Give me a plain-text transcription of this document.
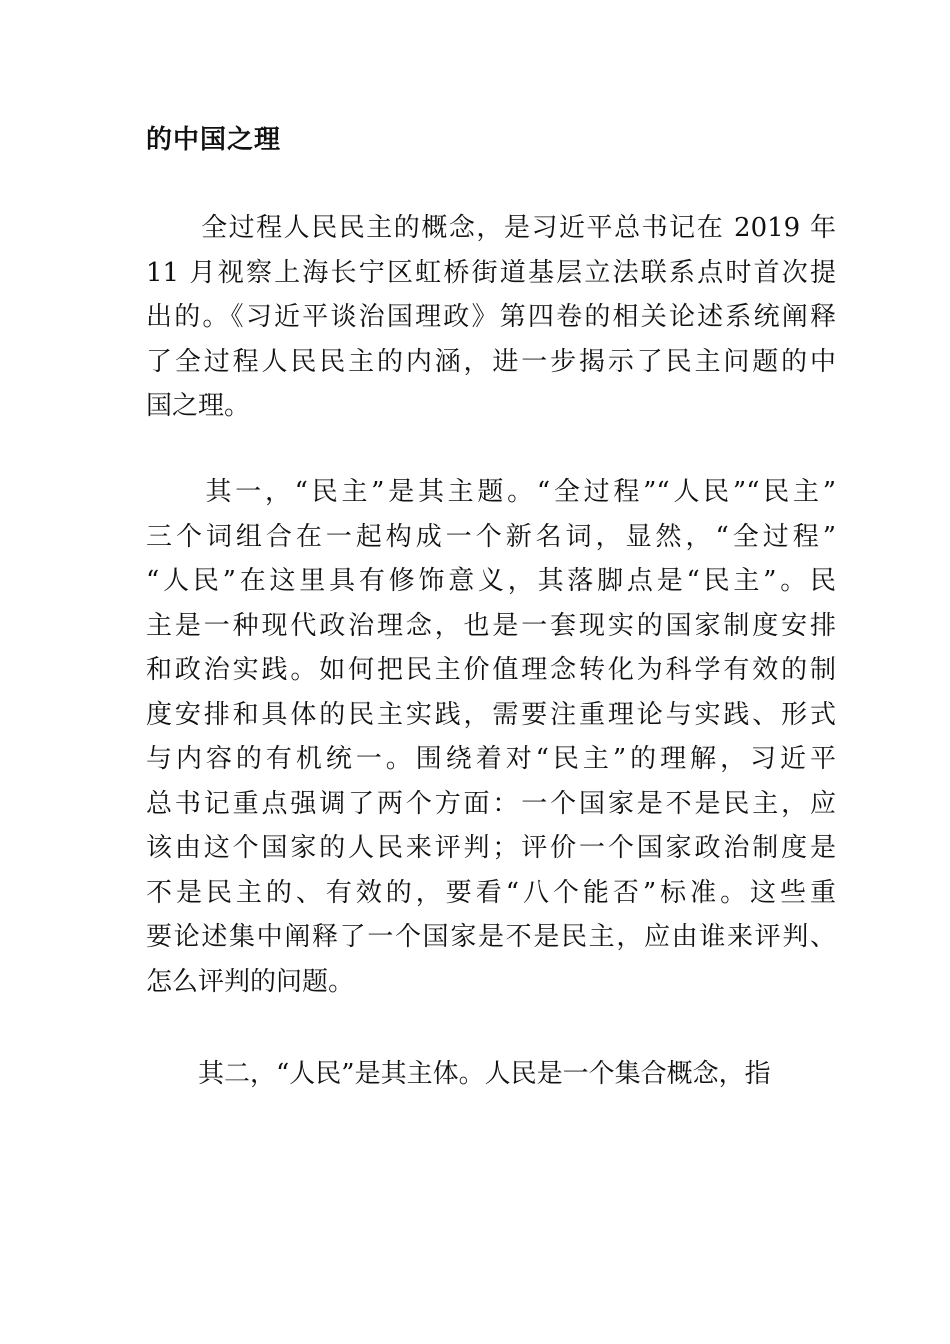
的中国之理
　　全过程人民民主的概念，是习近平总书记在 2019 年
11 月视察上海长宁区虹桥街道基层立法联系点时首次提
出的。《习近平谈治国理政》第四卷的相关论述系统阐释
了全过程人民民主的内涵，进一步揭示了民主问题的中
国之理。
　　其一，“民主”是其主题。“全过程”“人民”“民主”
三个词组合在一起构成一个新名词，显然，“全过程”
“人民”在这里具有修饰意义，其落脚点是“民主”。民
主是一种现代政治理念，也是一套现实的国家制度安排
和政治实践。如何把民主价值理念转化为科学有效的制
度安排和具体的民主实践，需要注重理论与实践、形式
与内容的有机统一。围绕着对“民主”的理解，习近平
总书记重点强调了两个方面：一个国家是不是民主，应
该由这个国家的人民来评判；评价一个国家政治制度是
不是民主的、有效的，要看“八个能否”标准。这些重
要论述集中阐释了一个国家是不是民主，应由谁来评判、
怎么评判的问题。
　　其二，“人民”是其主体。人民是一个集合概念，指
